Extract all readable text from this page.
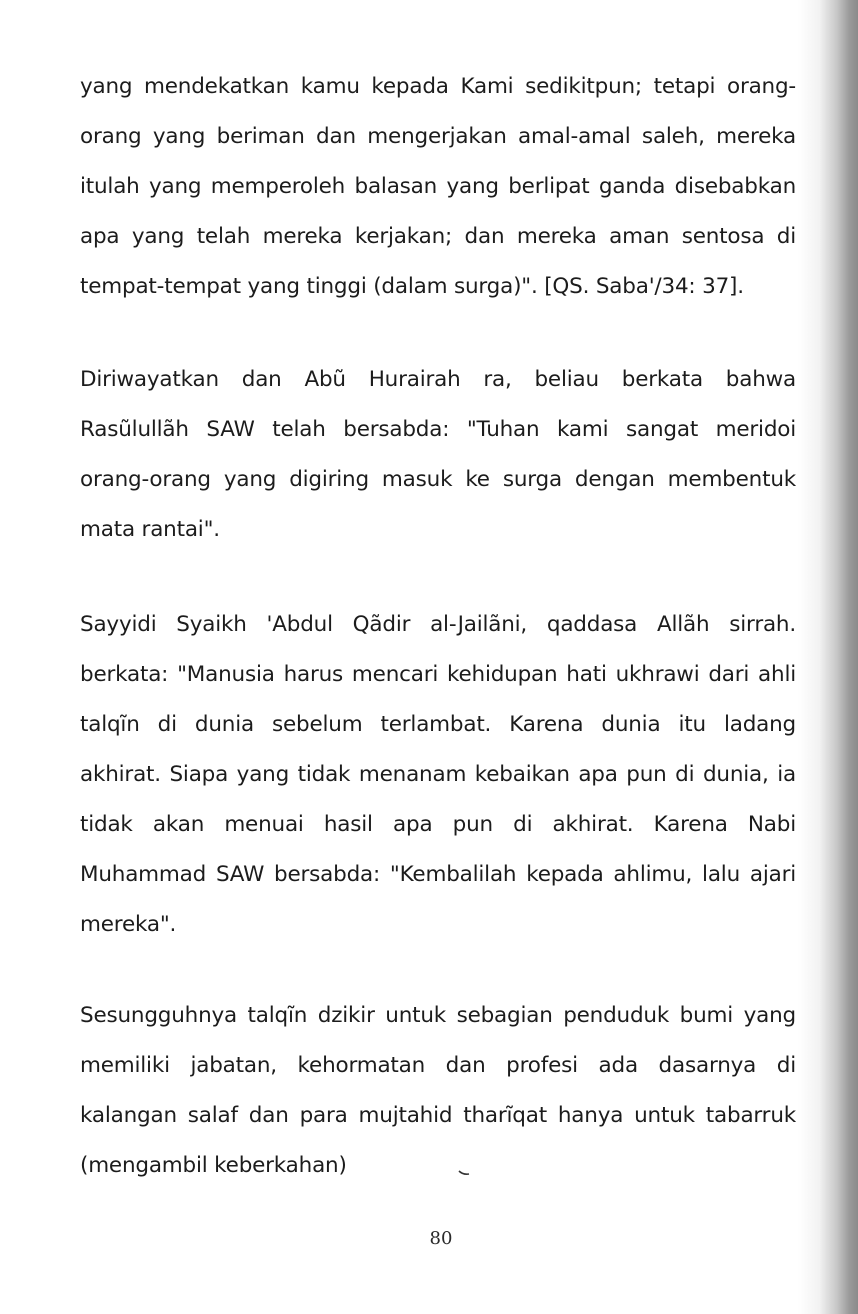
yang mendekatkan kamu kepada Kami sedikitpun; tetapi orang-
orang yang beriman dan mengerjakan amal-amal saleh, mereka
itulah yang memperoleh balasan yang berlipat ganda disebabkan
apa yang telah mereka kerjakan; dan mereka aman sentosa di
tempat-tempat yang tinggi (dalam surga)". [QS. Saba'/34: 37].

Diriwayatkan dan Abũ Hurairah ra, beliau berkata bahwa
Rasũlullãh SAW telah bersabda: "Tuhan kami sangat meridoi
orang-orang yang digiring masuk ke surga dengan membentuk
mata rantai".

Sayyidi Syaikh 'Abdul Qãdir al-Jailãni, qaddasa Allãh sirrah.
berkata: "Manusia harus mencari kehidupan hati ukhrawi dari ahli
talqĩn di dunia sebelum terlambat. Karena dunia itu ladang
akhirat. Siapa yang tidak menanam kebaikan apa pun di dunia, ia
tidak akan menuai hasil apa pun di akhirat. Karena Nabi
Muhammad SAW bersabda: "Kembalilah kepada ahlimu, lalu ajari
mereka".

Sesungguhnya talqĩn dzikir untuk sebagian penduduk bumi yang
memiliki jabatan, kehormatan dan profesi ada dasarnya di
kalangan salaf dan para mujtahid tharĩqat hanya untuk tabarruk
(mengambil keberkahan)

80
